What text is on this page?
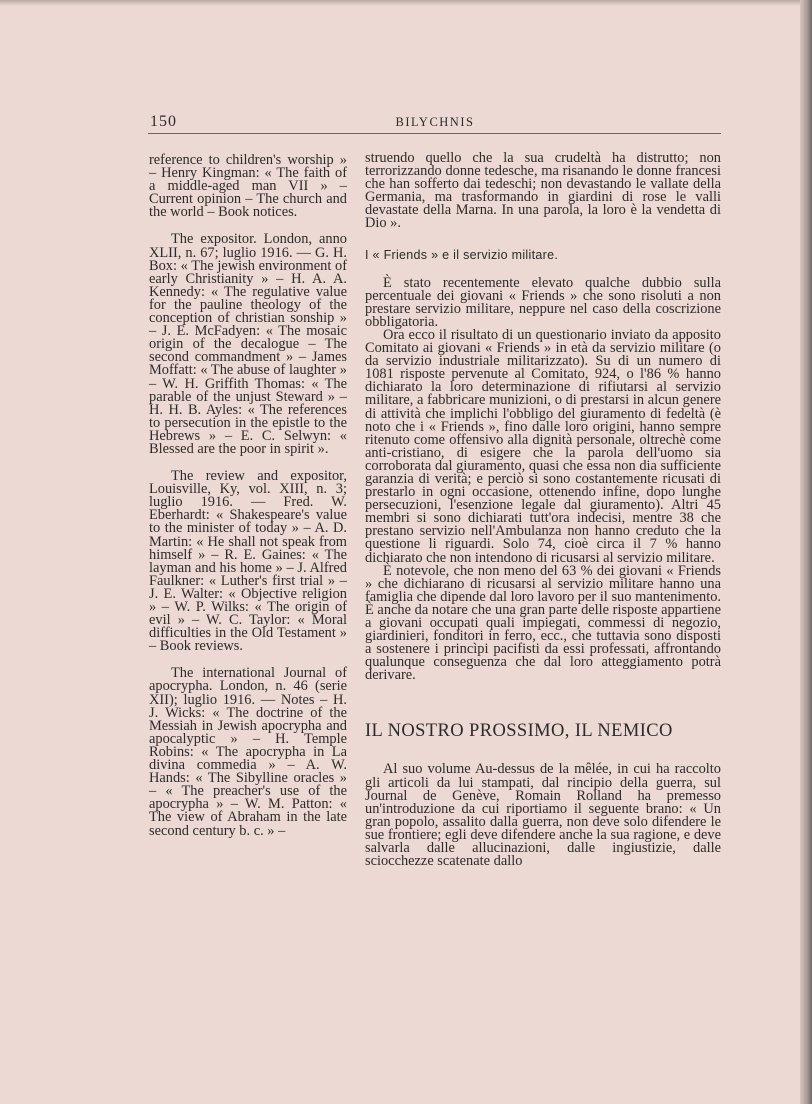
150	BILYCHNIS

reference to children's worship » – Henry Kingman: « The faith of a middle-aged man VII » – Current opinion – The church and the world – Book notices.

The expositor. London, anno XLII, n. 67; luglio 1916. — G. H. Box: « The jewish environment of early Christianity » – H. A. A. Kennedy: « The regulative value for the pauline theology of the conception of christian sonship » – J. E. McFadyen: « The mosaic origin of the decalogue – The second commandment » – James Moffatt: « The abuse of laughter » – W. H. Griffith Thomas: « The parable of the unjust Steward » – H. H. B. Ayles: « The references to persecution in the epistle to the Hebrews » – E. C. Selwyn: « Blessed are the poor in spirit ».

The review and expositor, Louisville, Ky, vol. XIII, n. 3; luglio 1916. — Fred. W. Eberhardt: « Shakespeare's value to the minister of today » – A. D. Martin: « He shall not speak from himself » – R. E. Gaines: « The layman and his home » – J. Alfred Faulkner: « Luther's first trial » – J. E. Walter: « Objective religion » – W. P. Wilks: « The origin of evil » – W. C. Taylor: « Moral difficulties in the Old Testament » – Book reviews.

The international Journal of apocrypha. London, n. 46 (serie XII); luglio 1916. — Notes – H. J. Wicks: « The doctrine of the Messiah in Jewish apocrypha and apocalyptic » – H. Temple Robins: « The apocrypha in La divina commedia » – A. W. Hands: « The Sibylline oracles » – « The preacher's use of the apocrypha » – W. M. Patton: « The view of Abraham in the late second century b. c. » –

struendo quello che la sua crudeltà ha distrutto; non terrorizzando donne tedesche, ma risanando le donne francesi che han sofferto dai tedeschi; non devastando le vallate della Germania, ma trasformando in giardini di rose le valli devastate della Marna. In una parola, la loro è la vendetta di Dio ».

I « Friends » e il servizio militare.

È stato recentemente elevato qualche dubbio sulla percentuale dei giovani « Friends » che sono risoluti a non prestare servizio militare, neppure nel caso della coscrizione obbligatoria.

Ora ecco il risultato di un questionario inviato da apposito Comitato ai giovani « Friends » in età da servizio militare (o da servizio industriale militarizzato). Su di un numero di 1081 risposte pervenute al Comitato, 924, o l'86 % hanno dichiarato la loro determinazione di rifiutarsi al servizio militare, a fabbricare munizioni, o di prestarsi in alcun genere di attività che implichi l'obbligo del giuramento di fedeltà (è noto che i « Friends », fino dalle loro origini, hanno sempre ritenuto come offensivo alla dignità personale, oltrechè come anti-cristiano, di esigere che la parola dell'uomo sia corroborata dal giuramento, quasi che essa non dia sufficiente garanzia di verità; e perciò si sono costantemente ricusati di prestarlo in ogni occasione, ottenendo infine, dopo lunghe persecuzioni, l'esenzione legale dal giuramento). Altri 45 membri si sono dichiarati tutt'ora indecisi, mentre 38 che prestano servizio nell'Ambulanza non hanno creduto che la questione li riguardi. Solo 74, cioè circa il 7 % hanno dichiarato che non intendono di ricusarsi al servizio militare.

È notevole, che non meno del 63 % dei giovani « Friends » che dichiarano di ricusarsi al servizio militare hanno una famiglia che dipende dal loro lavoro per il suo mantenimento. È anche da notare che una gran parte delle risposte appartiene a giovani occupati quali impiegati, commessi di negozio, giardinieri, fonditori in ferro, ecc., che tuttavia sono disposti a sostenere i princìpi pacifisti da essi professati, affrontando qualunque conseguenza che dal loro atteggiamento potrà derivare.

IL NOSTRO PROSSIMO, IL NEMICO

Al suo volume Au-dessus de la mêlée, in cui ha raccolto gli articoli da lui stampati, dal rincipio della guerra, sul Journal de Genève, Romain Rolland ha premesso un'introduzione da cui riportiamo il seguente brano: « Un gran popolo, assalito dalla guerra, non deve solo difendere le sue frontiere; egli deve difendere anche la sua ragione, e deve salvarla dalle allucinazioni, dalle ingiustizie, dalle sciocchezze scatenate dallo
